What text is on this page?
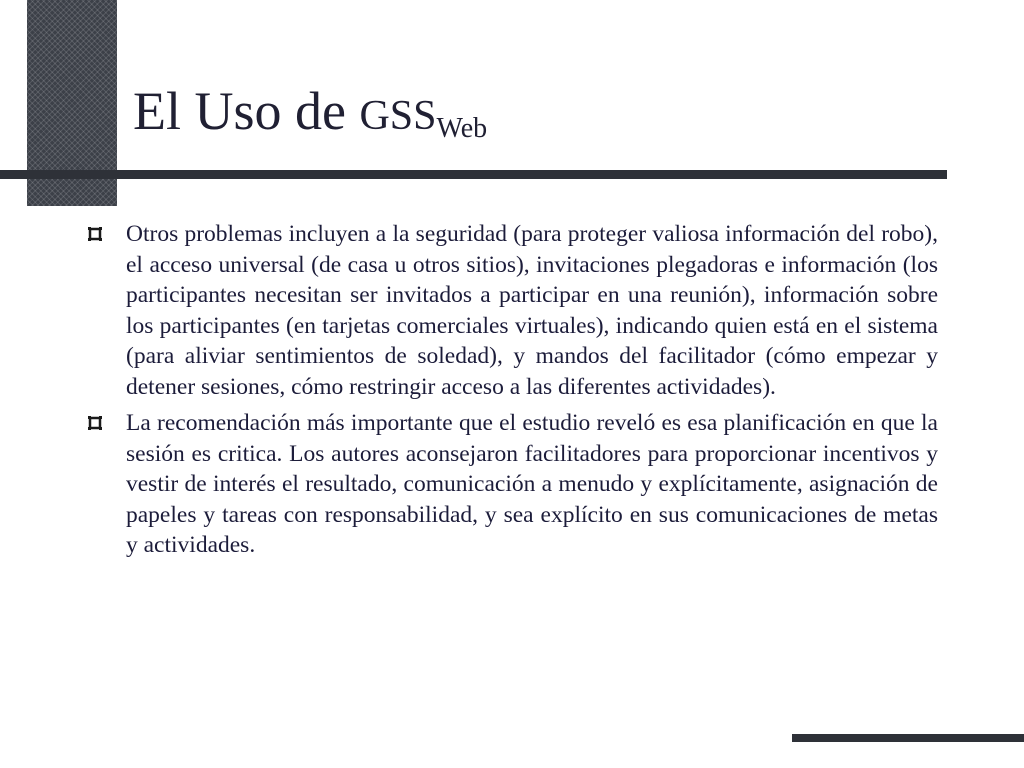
El Uso de $GSS_{Web}$

Otros problemas incluyen a la seguridad (para proteger valiosa información del robo), el acceso universal (de casa u otros sitios), invitaciones plegadoras e información (los participantes necesitan ser invitados a participar en una reunión), información sobre los participantes (en tarjetas comerciales virtuales), indicando quien está en el sistema (para aliviar sentimientos de soledad), y mandos del facilitador (cómo empezar y detener sesiones, cómo restringir acceso a las diferentes actividades).

La recomendación más importante que el estudio reveló es esa planificación en que la sesión es critica. Los autores aconsejaron facilitadores para proporcionar incentivos y vestir de interés el resultado, comunicación a menudo y explícitamente, asignación de papeles y tareas con responsabilidad, y sea explícito en sus comunicaciones de metas y actividades.
